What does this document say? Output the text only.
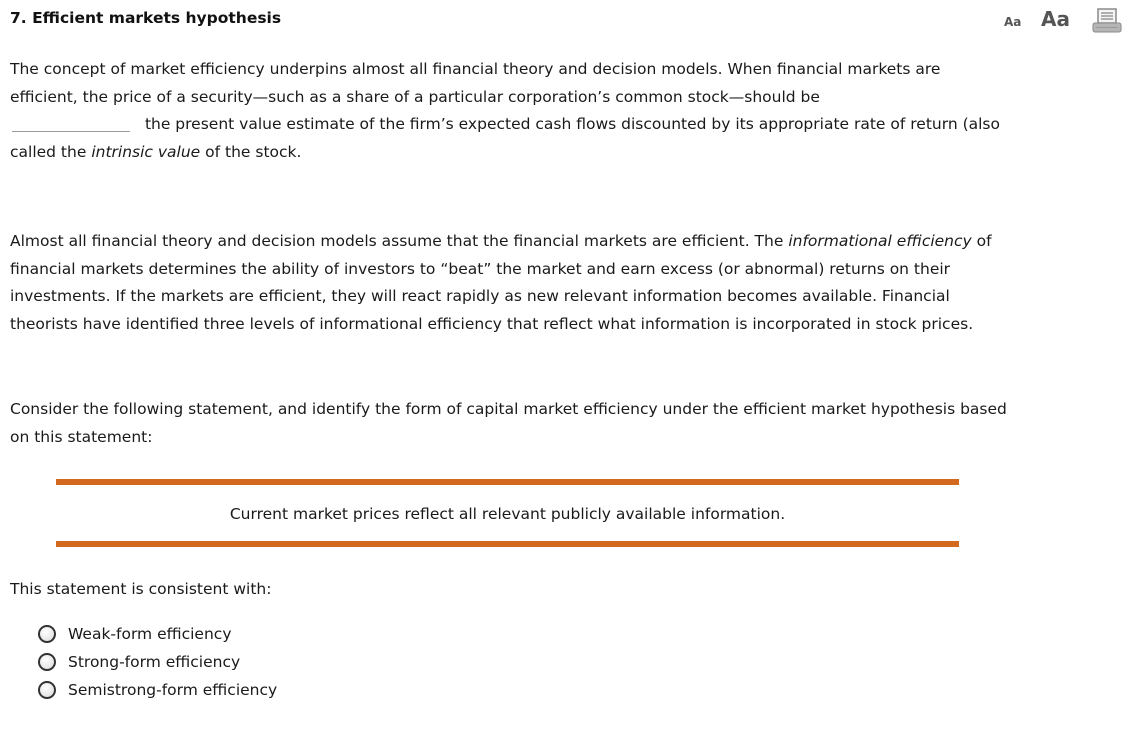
7. Efficient markets hypothesis	Aa Aa

The concept of market efficiency underpins almost all financial theory and decision models. When financial markets are efficient, the price of a security—such as a share of a particular corporation’s common stock—should be
the present value estimate of the firm’s expected cash flows discounted by its appropriate rate of return (also called the intrinsic value of the stock.

Almost all financial theory and decision models assume that the financial markets are efficient. The informational efficiency of financial markets determines the ability of investors to “beat” the market and earn excess (or abnormal) returns on their investments. If the markets are efficient, they will react rapidly as new relevant information becomes available. Financial theorists have identified three levels of informational efficiency that reflect what information is incorporated in stock prices.

Consider the following statement, and identify the form of capital market efficiency under the efficient market hypothesis based on this statement:

Current market prices reflect all relevant publicly available information.

This statement is consistent with:

Weak-form efficiency
Strong-form efficiency
Semistrong-form efficiency
